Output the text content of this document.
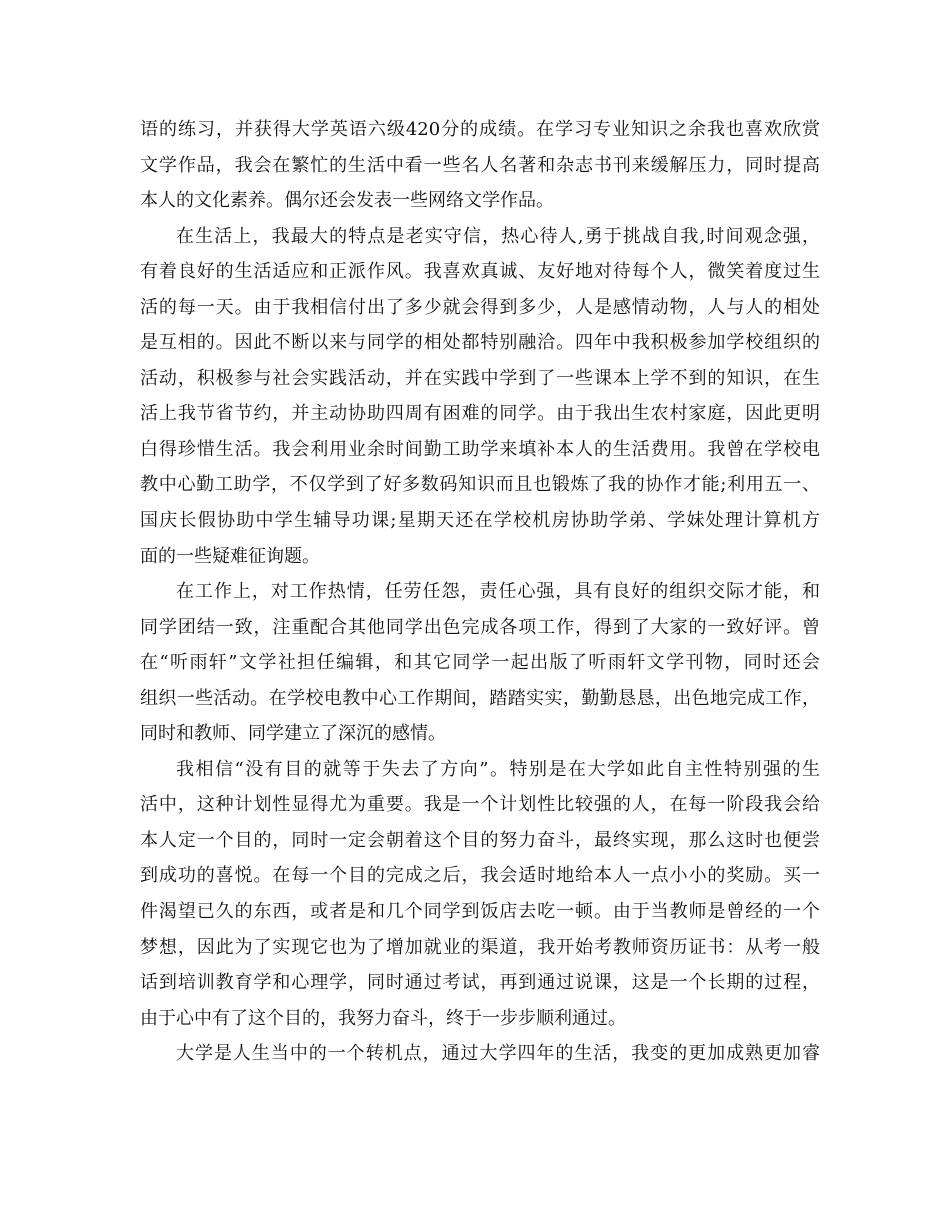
语的练习，并获得大学英语六级420分的成绩。在学习专业知识之余我也喜欢欣赏
文学作品，我会在繁忙的生活中看一些名人名著和杂志书刊来缓解压力，同时提高
本人的文化素养。偶尔还会发表一些网络文学作品。
在生活上，我最大的特点是老实守信，热心待人,勇于挑战自我,时间观念强，
有着良好的生活适应和正派作风。我喜欢真诚、友好地对待每个人，微笑着度过生
活的每一天。由于我相信付出了多少就会得到多少，人是感情动物，人与人的相处
是互相的。因此不断以来与同学的相处都特别融洽。四年中我积极参加学校组织的
活动，积极参与社会实践活动，并在实践中学到了一些课本上学不到的知识，在生
活上我节省节约，并主动协助四周有困难的同学。由于我出生农村家庭，因此更明
白得珍惜生活。我会利用业余时间勤工助学来填补本人的生活费用。我曾在学校电
教中心勤工助学，不仅学到了好多数码知识而且也锻炼了我的协作才能;利用五一、
国庆长假协助中学生辅导功课;星期天还在学校机房协助学弟、学妹处理计算机方
面的一些疑难征询题。
在工作上，对工作热情，任劳任怨，责任心强，具有良好的组织交际才能，和
同学团结一致，注重配合其他同学出色完成各项工作，得到了大家的一致好评。曾
在“听雨轩”文学社担任编辑，和其它同学一起出版了听雨轩文学刊物，同时还会
组织一些活动。在学校电教中心工作期间，踏踏实实，勤勤恳恳，出色地完成工作，
同时和教师、同学建立了深沉的感情。
我相信“没有目的就等于失去了方向”。特别是在大学如此自主性特别强的生
活中，这种计划性显得尤为重要。我是一个计划性比较强的人，在每一阶段我会给
本人定一个目的，同时一定会朝着这个目的努力奋斗，最终实现，那么这时也便尝
到成功的喜悦。在每一个目的完成之后，我会适时地给本人一点小小的奖励。买一
件渴望已久的东西，或者是和几个同学到饭店去吃一顿。由于当教师是曾经的一个
梦想，因此为了实现它也为了增加就业的渠道，我开始考教师资历证书：从考一般
话到培训教育学和心理学，同时通过考试，再到通过说课，这是一个长期的过程，
由于心中有了这个目的，我努力奋斗，终于一步步顺利通过。
大学是人生当中的一个转机点，通过大学四年的生活，我变的更加成熟更加睿
